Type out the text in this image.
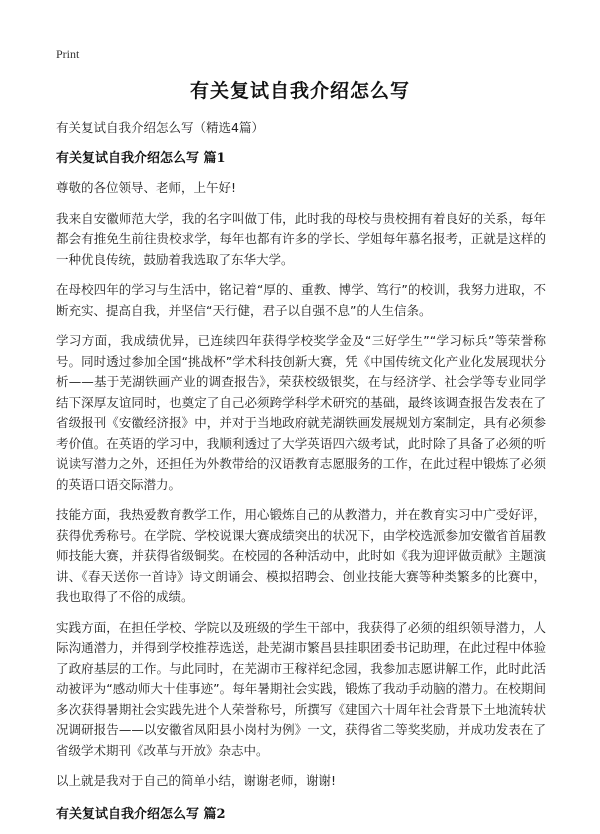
Print
有关复试自我介绍怎么写
有关复试自我介绍怎么写（精选4篇）
有关复试自我介绍怎么写 篇1

尊敬的各位领导、老师，上午好!

我来自安徽师范大学，我的名字叫做丁伟，此时我的母校与贵校拥有着良好的关系，每年都会有推免生前往贵校求学，每年也都有许多的学长、学姐每年慕名报考，正就是这样的一种优良传统，鼓励着我选取了东华大学。

在母校四年的学习与生活中，铭记着“厚的、重教、博学、笃行”的校训，我努力进取，不断充实、提高自我，并坚信“天行健，君子以自强不息”的人生信条。

学习方面，我成绩优异，已连续四年获得学校奖学金及“三好学生”“学习标兵”等荣誉称号。同时透过参加全国“挑战杯”学术科技创新大赛，凭《中国传统文化产业化发展现状分析——基于芜湖铁画产业的调查报告》，荣获校级银奖，在与经济学、社会学等专业同学结下深厚友谊同时，也奠定了自己必须跨学科学术研究的基础，最终该调查报告发表在了省级报刊《安徽经济报》中，并对于当地政府就芜湖铁画发展规划方案制定，具有必须参考价值。在英语的学习中，我顺利透过了大学英语四六级考试，此时除了具备了必须的听说读写潜力之外，还担任为外教带给的汉语教育志愿服务的工作，在此过程中锻炼了必须的英语口语交际潜力。

技能方面，我热爱教育教学工作，用心锻炼自己的从教潜力，并在教育实习中广受好评，获得优秀称号。在学院、学校说课大赛成绩突出的状况下，由学校选派参加安徽省首届教师技能大赛，并获得省级铜奖。在校园的各种活动中，此时如《我为迎评做贡献》主题演讲、《春天送你一首诗》诗文朗诵会、模拟招聘会、创业技能大赛等种类繁多的比赛中，我也取得了不俗的成绩。

实践方面，在担任学校、学院以及班级的学生干部中，我获得了必须的组织领导潜力，人际沟通潜力，并得到学校推荐选送，赴芜湖市繁昌县挂职团委书记助理，在此过程中体验了政府基层的工作。与此同时，在芜湖市王稼祥纪念园，我参加志愿讲解工作，此时此活动被评为“感动师大十佳事迹”。每年暑期社会实践，锻炼了我动手动脑的潜力。在校期间多次获得暑期社会实践先进个人荣誉称号，所撰写《建国六十周年社会背景下土地流转状况调研报告——以安徽省凤阳县小岗村为例》一文，获得省二等奖奖励，并成功发表在了省级学术期刊《改革与开放》杂志中。

以上就是我对于自己的简单小结，谢谢老师，谢谢!

有关复试自我介绍怎么写 篇2
